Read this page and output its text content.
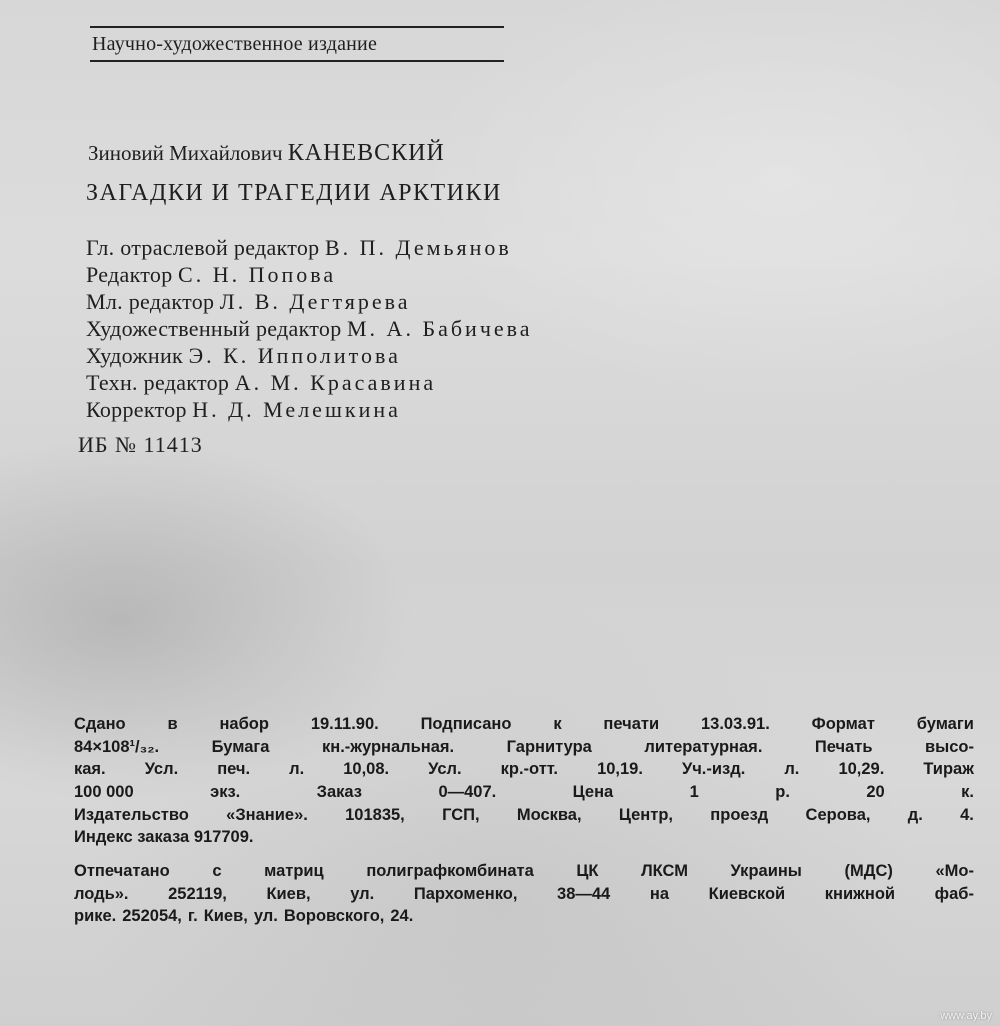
Научно-художественное издание
Зиновий Михайлович КАНЕВСКИЙ
ЗАГАДКИ И ТРАГЕДИИ АРКТИКИ
Гл. отраслевой редактор В. П. Демьянов
Редактор С. Н. Попова
Мл. редактор Л. В. Дегтярева
Художественный редактор М. А. Бабичева
Художник Э. К. Ипполитова
Техн. редактор А. М. Красавина
Корректор Н. Д. Мелешкина
ИБ № 11413
Сдано	в	набор	19.11.90.	Подписано	к	печати	13.03.91.	Формат	бумаги
84×108¹/₃₂.	Бумага	кн.-журнальная.	Гарнитура	литературная.	Печать	высо-
кая. Усл. печ. л. 10,08. Усл. кр.-отт. 10,19. Уч.-изд. л. 10,29. Тираж
100 000	экз.	Заказ	0—407.	Цена	1	р.	20	к.
Издательство «Знание». 101835, ГСП, Москва, Центр, проезд Серова, д. 4.
Индекс заказа 917709.
Отпечатано	с	матриц	полиграфкомбината	ЦК	ЛКСМ	Украины	(МДС)	«Мо-
лодь». 252119, Киев, ул. Пархоменко, 38—44 на Киевской книжной фаб-
рике. 252054, г. Киев, ул. Воровского, 24.
www.ay.by
